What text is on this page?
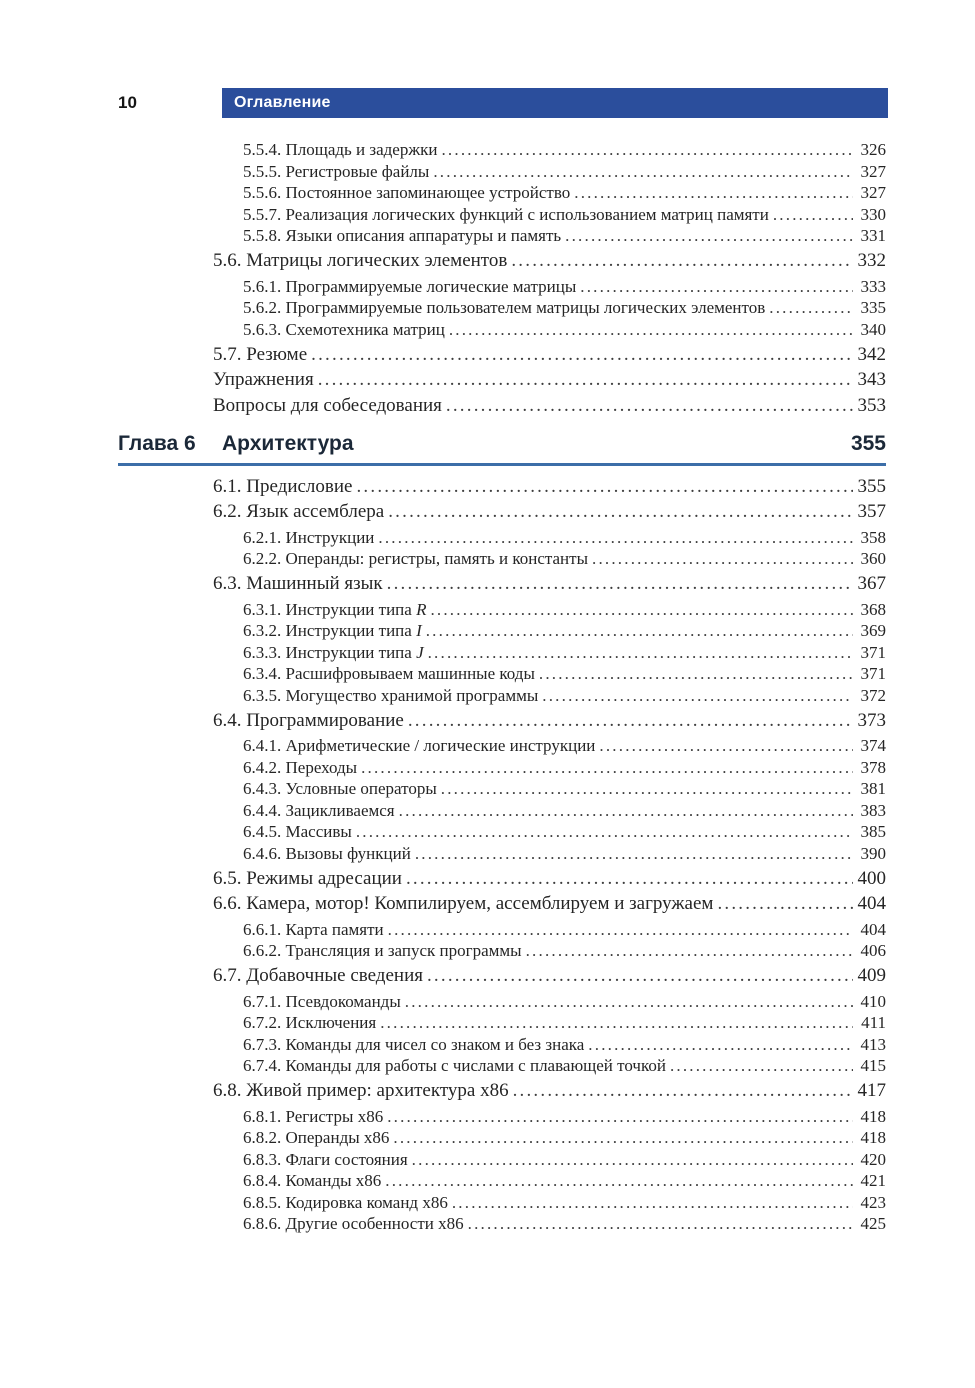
10	Оглавление
5.5.4. Площадь и задержки .....	326
5.5.5. Регистровые файлы .....	327
5.5.6. Постоянное запоминающее устройство .....	327
5.5.7. Реализация логических функций с использованием матриц памяти .....	330
5.5.8. Языки описания аппаратуры и память .....	331
5.6. Матрицы логических элементов .....	332
5.6.1. Программируемые логические матрицы .....	333
5.6.2. Программируемые пользователем матрицы логических элементов .....	335
5.6.3. Схемотехника матриц .....	340
5.7. Резюме .....	342
Упражнения .....	343
Вопросы для собеседования .....	353
Глава 6	Архитектура	355
6.1. Предисловие .....	355
6.2. Язык ассемблера .....	357
6.2.1. Инструкции .....	358
6.2.2. Операнды: регистры, память и константы .....	360
6.3. Машинный язык .....	367
6.3.1. Инструкции типа R .....	368
6.3.2. Инструкции типа I .....	369
6.3.3. Инструкции типа J .....	371
6.3.4. Расшифровываем машинные коды .....	371
6.3.5. Могущество хранимой программы .....	372
6.4. Программирование .....	373
6.4.1. Арифметические / логические инструкции .....	374
6.4.2. Переходы .....	378
6.4.3. Условные операторы .....	381
6.4.4. Зацикливаемся .....	383
6.4.5. Массивы .....	385
6.4.6. Вызовы функций .....	390
6.5. Режимы адресации .....	400
6.6. Камера, мотор! Компилируем, ассемблируем и загружаем .....	404
6.6.1. Карта памяти .....	404
6.6.2. Трансляция и запуск программы .....	406
6.7. Добавочные сведения .....	409
6.7.1. Псевдокоманды .....	410
6.7.2. Исключения .....	411
6.7.3. Команды для чисел со знаком и без знака .....	413
6.7.4. Команды для работы с числами с плавающей точкой .....	415
6.8. Живой пример: архитектура x86 .....	417
6.8.1. Регистры x86 .....	418
6.8.2. Операнды x86 .....	418
6.8.3. Флаги состояния .....	420
6.8.4. Команды x86 .....	421
6.8.5. Кодировка команд x86 .....	423
6.8.6. Другие особенности x86 .....	425
